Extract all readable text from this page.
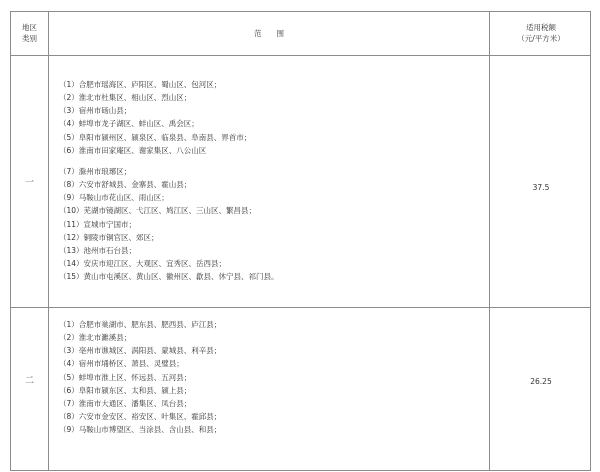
地区
类别
范　　围
适用税额
（元/平方米）
一
（1）合肥市瑶海区、庐阳区、蜀山区、包河区；
（2）淮北市杜集区、相山区、烈山区；
（3）宿州市砀山县；
（4）蚌埠市龙子湖区、蚌山区、禹会区；
（5）阜阳市颍州区、颍泉区、临泉县、阜南县、界首市；
（6）淮南市田家庵区、谢家集区、八公山区
（7）滁州市琅琊区；
（8）六安市舒城县、金寨县、霍山县；
（9）马鞍山市花山区、雨山区；
（10）芜湖市镜湖区、弋江区、鸠江区、三山区、繁昌县；
（11）宣城市宁国市；
（12）铜陵市铜官区、郊区；
（13）池州市石台县；
（14）安庆市迎江区、大观区、宜秀区、岳西县；
（15）黄山市屯溪区、黄山区、徽州区、歙县、休宁县、祁门县。
37.5
二
（1）合肥市巢湖市、肥东县、肥西县、庐江县；
（2）淮北市濉溪县；
（3）亳州市谯城区、涡阳县、蒙城县、利辛县；
（4）宿州市埇桥区、萧县、灵璧县；
（5）蚌埠市淮上区、怀远县、五河县；
（6）阜阳市颍东区、太和县、颍上县；
（7）淮南市大通区、潘集区、凤台县；
（8）六安市金安区、裕安区、叶集区、霍邱县；
（9）马鞍山市博望区、当涂县、含山县、和县；
26.25
